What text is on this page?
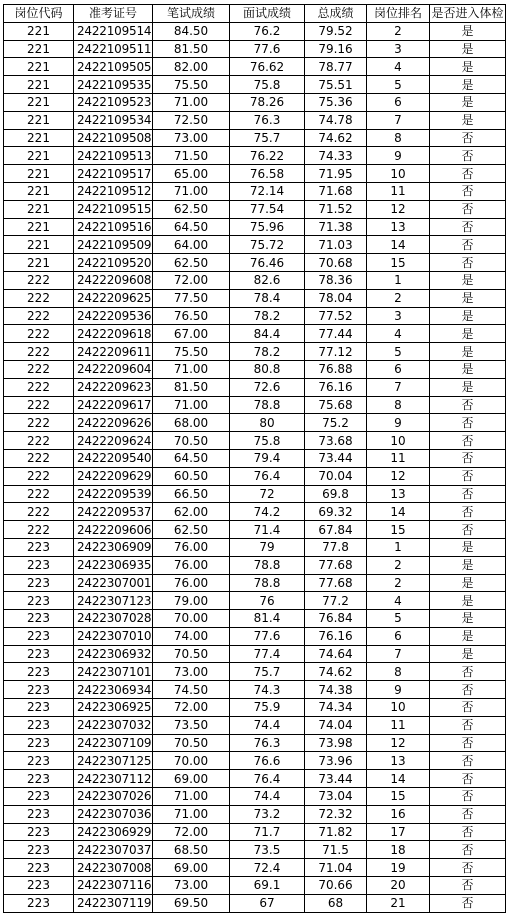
岗位代码	准考证号	笔试成绩	面试成绩	总成绩	岗位排名	是否进入体检
221	2422109514	84.50	76.2	79.52	2	是
221	2422109511	81.50	77.6	79.16	3	是
221	2422109505	82.00	76.62	78.77	4	是
221	2422109535	75.50	75.8	75.51	5	是
221	2422109523	71.00	78.26	75.36	6	是
221	2422109534	72.50	76.3	74.78	7	是
221	2422109508	73.00	75.7	74.62	8	否
221	2422109513	71.50	76.22	74.33	9	否
221	2422109517	65.00	76.58	71.95	10	否
221	2422109512	71.00	72.14	71.68	11	否
221	2422109515	62.50	77.54	71.52	12	否
221	2422109516	64.50	75.96	71.38	13	否
221	2422109509	64.00	75.72	71.03	14	否
221	2422109520	62.50	76.46	70.68	15	否
222	2422209608	72.00	82.6	78.36	1	是
222	2422209625	77.50	78.4	78.04	2	是
222	2422209536	76.50	78.2	77.52	3	是
222	2422209618	67.00	84.4	77.44	4	是
222	2422209611	75.50	78.2	77.12	5	是
222	2422209604	71.00	80.8	76.88	6	是
222	2422209623	81.50	72.6	76.16	7	是
222	2422209617	71.00	78.8	75.68	8	否
222	2422209626	68.00	80	75.2	9	否
222	2422209624	70.50	75.8	73.68	10	否
222	2422209540	64.50	79.4	73.44	11	否
222	2422209629	60.50	76.4	70.04	12	否
222	2422209539	66.50	72	69.8	13	否
222	2422209537	62.00	74.2	69.32	14	否
222	2422209606	62.50	71.4	67.84	15	否
223	2422306909	76.00	79	77.8	1	是
223	2422306935	76.00	78.8	77.68	2	是
223	2422307001	76.00	78.8	77.68	2	是
223	2422307123	79.00	76	77.2	4	是
223	2422307028	70.00	81.4	76.84	5	是
223	2422307010	74.00	77.6	76.16	6	是
223	2422306932	70.50	77.4	74.64	7	是
223	2422307101	73.00	75.7	74.62	8	否
223	2422306934	74.50	74.3	74.38	9	否
223	2422306925	72.00	75.9	74.34	10	否
223	2422307032	73.50	74.4	74.04	11	否
223	2422307109	70.50	76.3	73.98	12	否
223	2422307125	70.00	76.6	73.96	13	否
223	2422307112	69.00	76.4	73.44	14	否
223	2422307026	71.00	74.4	73.04	15	否
223	2422307036	71.00	73.2	72.32	16	否
223	2422306929	72.00	71.7	71.82	17	否
223	2422307037	68.50	73.5	71.5	18	否
223	2422307008	69.00	72.4	71.04	19	否
223	2422307116	73.00	69.1	70.66	20	否
223	2422307119	69.50	67	68	21	否
